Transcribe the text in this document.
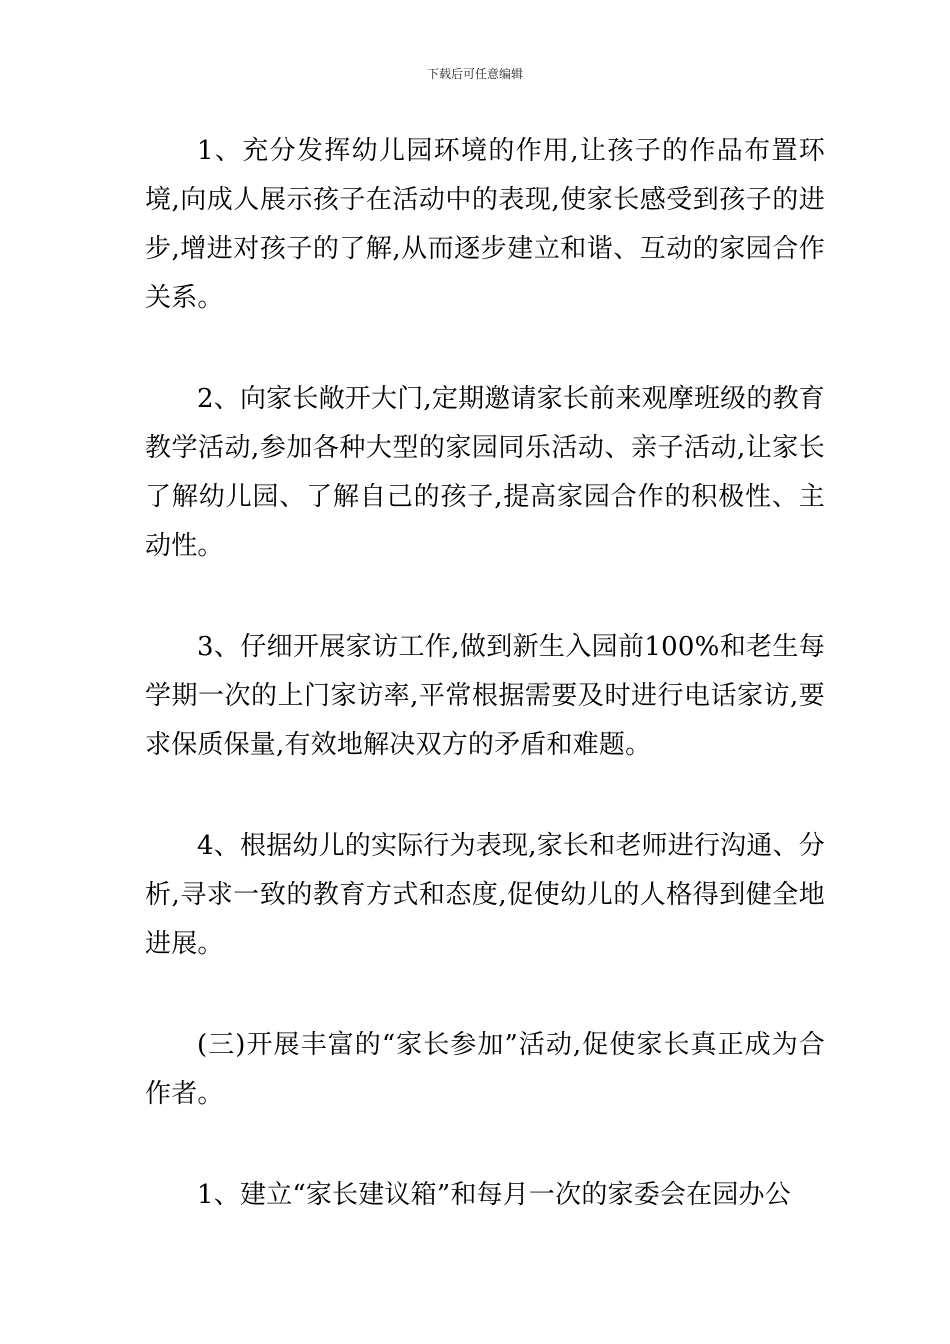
下载后可任意编辑

1、充分发挥幼儿园环境的作用,让孩子的作品布置环境,向成人展示孩子在活动中的表现,使家长感受到孩子的进步,增进对孩子的了解,从而逐步建立和谐、互动的家园合作关系。

2、向家长敞开大门,定期邀请家长前来观摩班级的教育教学活动,参加各种大型的家园同乐活动、亲子活动,让家长了解幼儿园、了解自己的孩子,提高家园合作的积极性、主动性。

3、仔细开展家访工作,做到新生入园前100%和老生每学期一次的上门家访率,平常根据需要及时进行电话家访,要求保质保量,有效地解决双方的矛盾和难题。

4、根据幼儿的实际行为表现,家长和老师进行沟通、分析,寻求一致的教育方式和态度,促使幼儿的人格得到健全地进展。

(三)开展丰富的“家长参加”活动,促使家长真正成为合作者。

1、建立“家长建议箱”和每月一次的家委会在园办公
